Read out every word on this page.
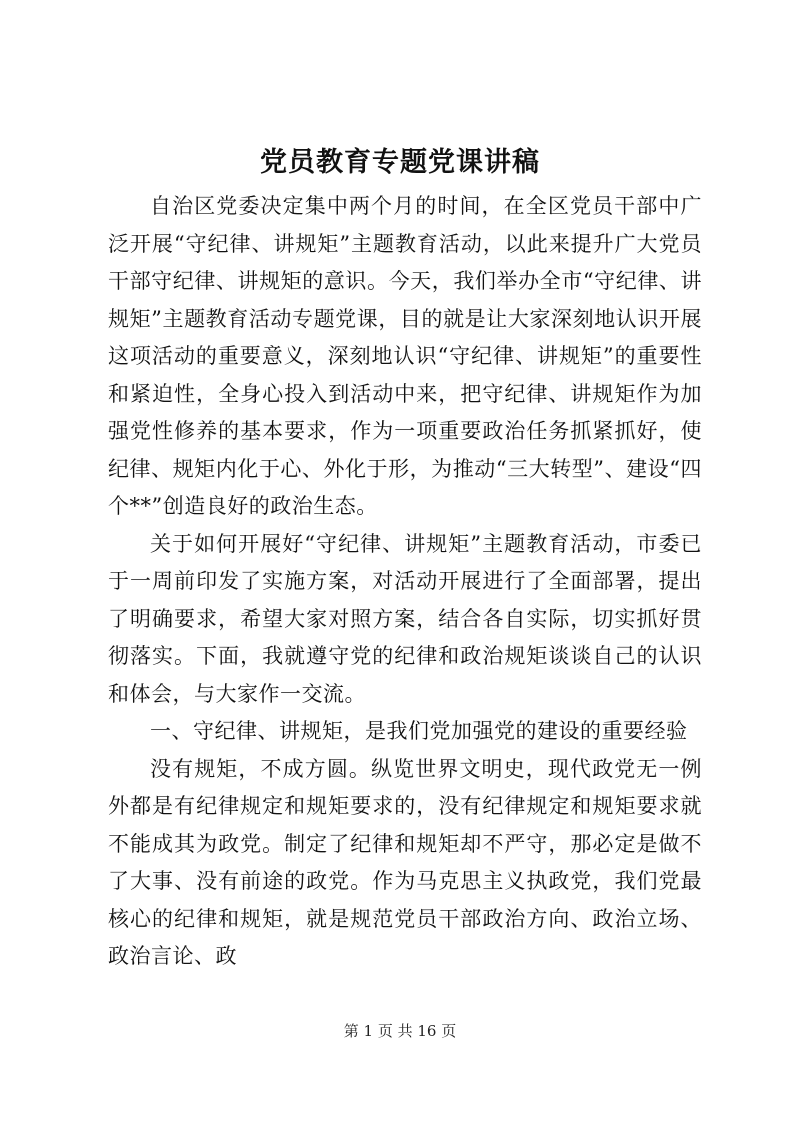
党员教育专题党课讲稿

自治区党委决定集中两个月的时间，在全区党员干部中广泛开展“守纪律、讲规矩”主题教育活动，以此来提升广大党员干部守纪律、讲规矩的意识。今天，我们举办全市“守纪律、讲规矩”主题教育活动专题党课，目的就是让大家深刻地认识开展这项活动的重要意义，深刻地认识“守纪律、讲规矩”的重要性和紧迫性，全身心投入到活动中来，把守纪律、讲规矩作为加强党性修养的基本要求，作为一项重要政治任务抓紧抓好，使纪律、规矩内化于心、外化于形，为推动“三大转型”、建设“四个**”创造良好的政治生态。

关于如何开展好“守纪律、讲规矩”主题教育活动，市委已于一周前印发了实施方案，对活动开展进行了全面部署，提出了明确要求，希望大家对照方案，结合各自实际，切实抓好贯彻落实。下面，我就遵守党的纪律和政治规矩谈谈自己的认识和体会，与大家作一交流。

一、守纪律、讲规矩，是我们党加强党的建设的重要经验

没有规矩，不成方圆。纵览世界文明史，现代政党无一例外都是有纪律规定和规矩要求的，没有纪律规定和规矩要求就不能成其为政党。制定了纪律和规矩却不严守，那必定是做不了大事、没有前途的政党。作为马克思主义执政党，我们党最核心的纪律和规矩，就是规范党员干部政治方向、政治立场、政治言论、政

第 1 页 共 16 页
